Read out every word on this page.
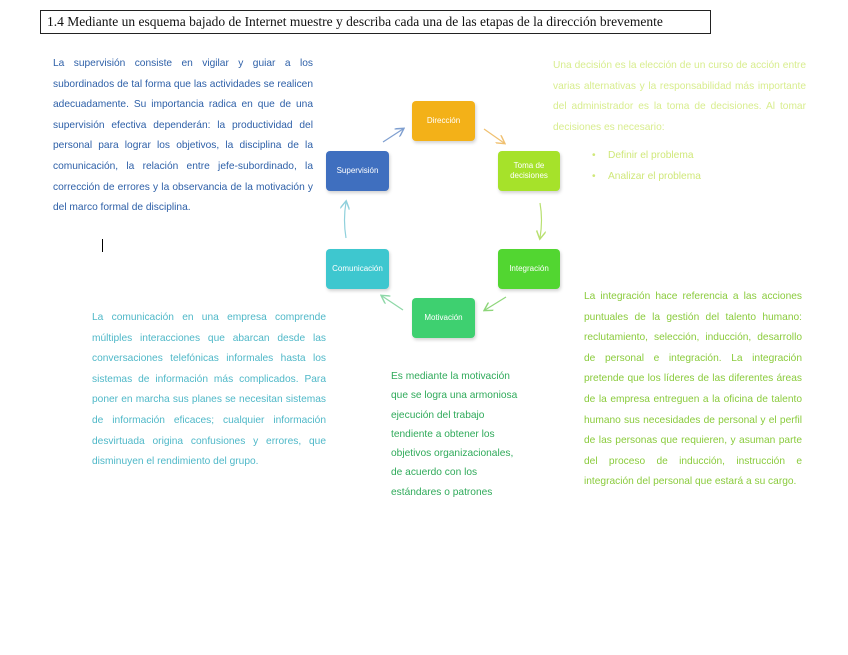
1.4 Mediante un esquema bajado de Internet muestre y describa cada una de las etapas de la dirección brevemente

La supervisión consiste en vigilar y guiar a los subordinados de tal forma que las actividades se realicen adecuadamente. Su importancia radica en que de una supervisión efectiva dependerán: la productividad del personal para lograr los objetivos, la disciplina de la comunicación, la relación entre jefe-subordinado, la corrección de errores y la observancia de la motivación y del marco formal de disciplina.

Una decisión es la elección de un curso de acción entre varias alternativas y la responsabilidad más importante del administrador es la toma de decisiones. Al tomar decisiones es necesario:

• Definir el problema
• Analizar el problema

La comunicación en una empresa comprende múltiples interacciones que abarcan desde las conversaciones telefónicas informales hasta los sistemas de información más complicados. Para poner en marcha sus planes se necesitan sistemas de información eficaces; cualquier información desvirtuada origina confusiones y errores, que disminuyen el rendimiento del grupo.

Es mediante la motivación que se logra una armoniosa ejecución del trabajo tendiente a obtener los objetivos organizacionales, de acuerdo con los estándares o patrones

La integración hace referencia a las acciones puntuales de la gestión del talento humano: reclutamiento, selección, inducción, desarrollo de personal e integración. La integración pretende que los líderes de las diferentes áreas de la empresa entreguen a la oficina de talento humano sus necesidades de personal y el perfil de las personas que requieren, y asuman parte del proceso de inducción, instrucción e integración del personal que estará a su cargo.

Dirección
Toma de decisiones
Integración
Motivación
Comunicación
Supervisión
